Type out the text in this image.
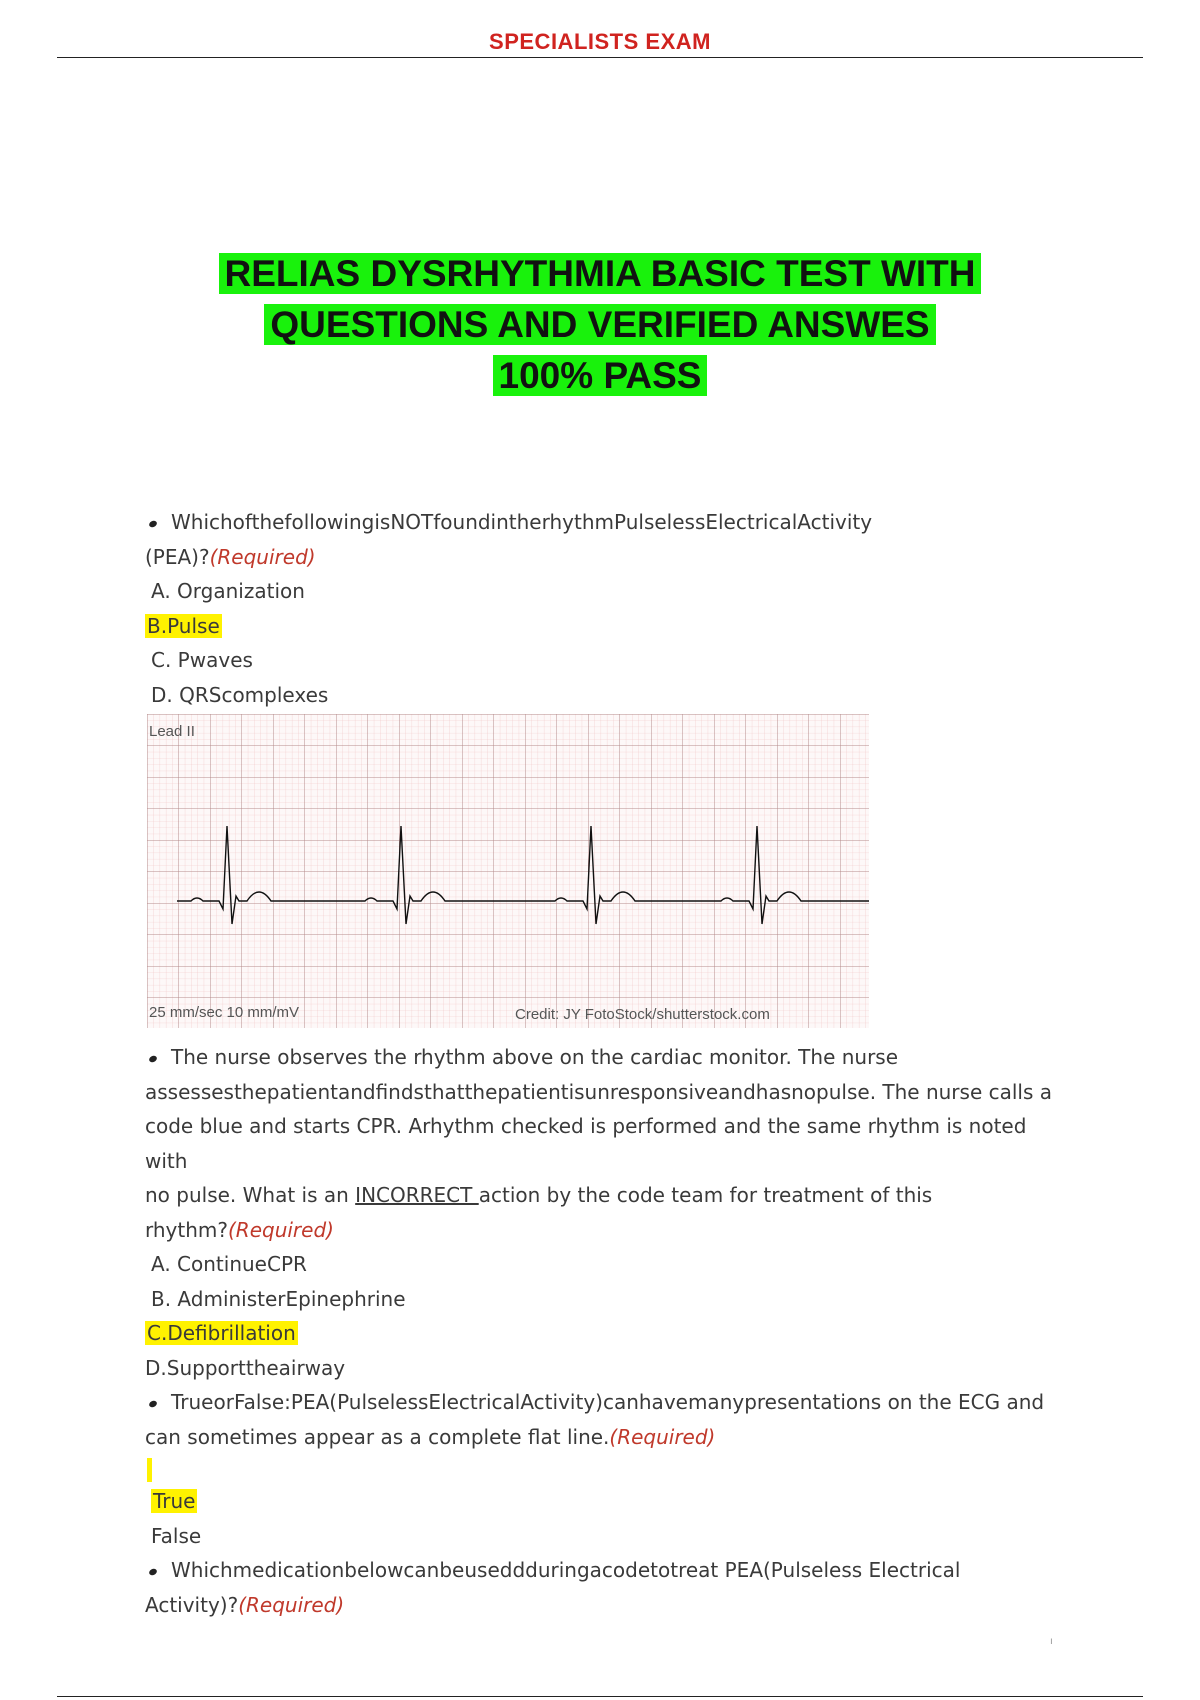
SPECIALISTS EXAM
RELIAS DYSRHYTHMIA BASIC TEST WITH
QUESTIONS AND VERIFIED ANSWES
100% PASS
WhichofthefollowingisNOTfoundintherhythmPulselessElectricalActivity
(PEA)?(Required)
A. Organization
B.Pulse
C. Pwaves
D. QRScomplexes
Lead II
25 mm/sec 10 mm/mV	Credit: JY FotoStock/shutterstock.com
The nurse observes the rhythm above on the cardiac monitor. The nurse
assessesthepatientandfindsthatthepatientisunresponsiveandhasnopulse. The nurse calls a
code blue and starts CPR. Arhythm checked is performed and the same rhythm is noted with
no pulse. What is an INCORRECT action by the code team for treatment of this
rhythm?(Required)
A. ContinueCPR
B. AdministerEpinephrine
C.Defibrillation
D.Supporttheairway
TrueorFalse:PEA(PulselessElectricalActivity)canhavemanypresentations on the ECG and
can sometimes appear as a complete flat line.(Required)
True
False
Whichmedicationbelowcanbeuseddduringacodetotreat PEA(Pulseless Electrical
Activity)?(Required)
ı
